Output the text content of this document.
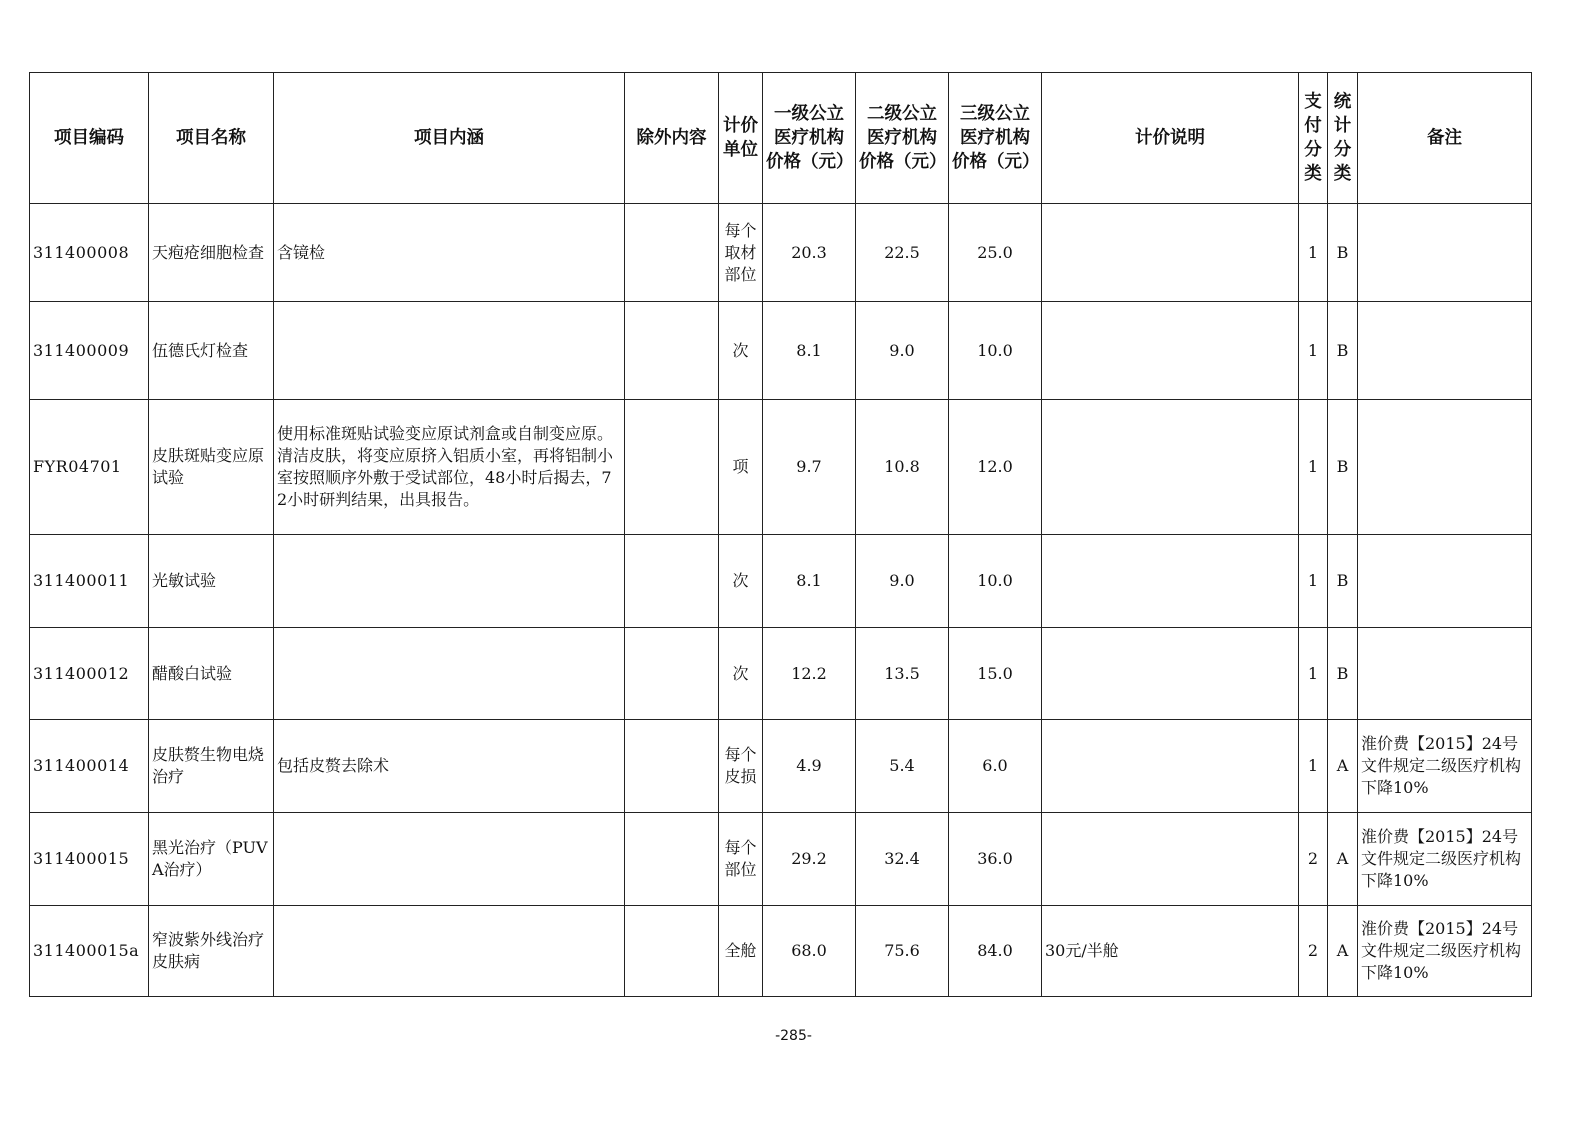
项目编码	项目名称	项目内涵	除外内容	计价单位	一级公立医疗机构价格（元）	二级公立医疗机构价格（元）	三级公立医疗机构价格（元）	计价说明	支付分类	统计分类	备注
311400008	天疱疮细胞检查	含镜检		每个取材部位	20.3	22.5	25.0		1	B	
311400009	伍德氏灯检查			次	8.1	9.0	10.0		1	B	
FYR04701	皮肤斑贴变应原试验	使用标准斑贴试验变应原试剂盒或自制变应原。清洁皮肤，将变应原挤入铝质小室，再将铝制小室按照顺序外敷于受试部位，48小时后揭去，72小时研判结果，出具报告。		项	9.7	10.8	12.0		1	B	
311400011	光敏试验			次	8.1	9.0	10.0		1	B	
311400012	醋酸白试验			次	12.2	13.5	15.0		1	B	
311400014	皮肤赘生物电烧治疗	包括皮赘去除术		每个皮损	4.9	5.4	6.0		1	A	淮价费【2015】24号文件规定二级医疗机构下降10%
311400015	黑光治疗（PUVA治疗）			每个部位	29.2	32.4	36.0		2	A	淮价费【2015】24号文件规定二级医疗机构下降10%
311400015a	窄波紫外线治疗皮肤病			全舱	68.0	75.6	84.0	30元/半舱	2	A	淮价费【2015】24号文件规定二级医疗机构下降10%
-285-
